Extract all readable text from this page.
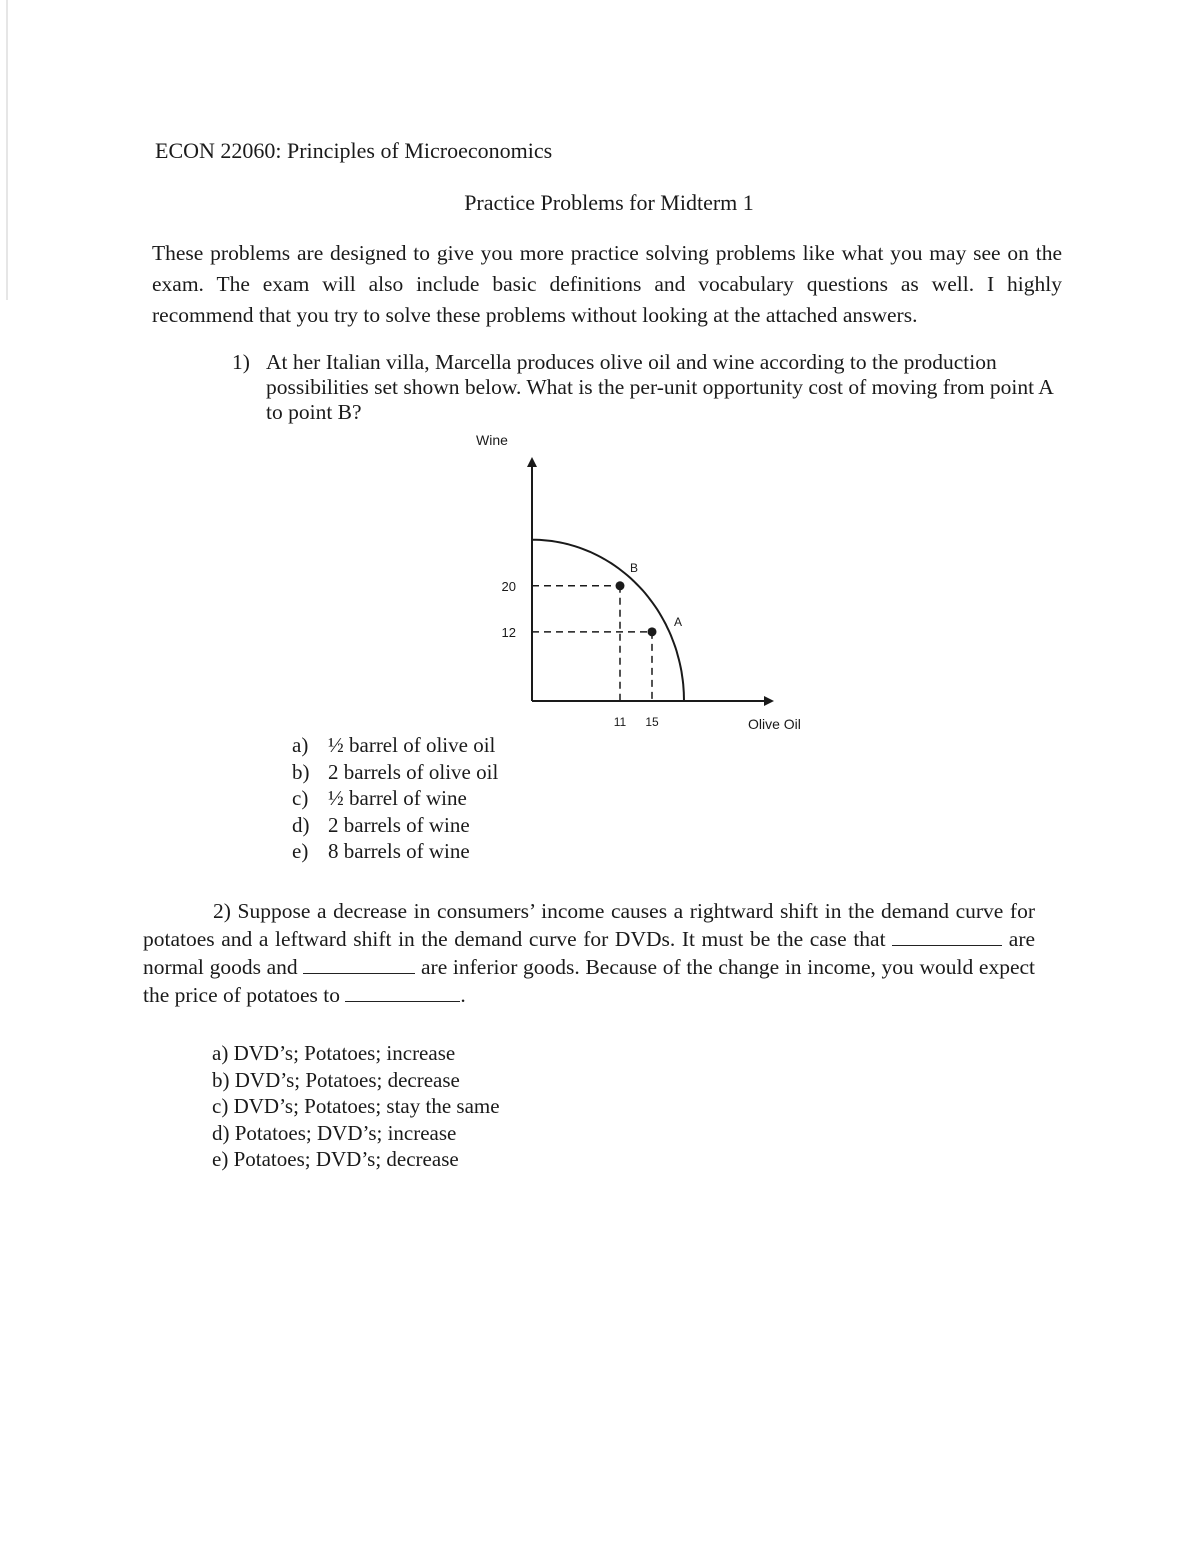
ECON 22060: Principles of Microeconomics
Practice Problems for Midterm 1
These problems are designed to give you more practice solving problems like what you may see on the exam. The exam will also include basic definitions and vocabulary questions as well. I highly recommend that you try to solve these problems without looking at the attached answers.
1) At her Italian villa, Marcella produces olive oil and wine according to the production possibilities set shown below. What is the per-unit opportunity cost of moving from point A to point B?
B
A
20
12
11 15
Wine
Olive Oil
a) ½ barrel of olive oil
b) 2 barrels of olive oil
c) ½ barrel of wine
d) 2 barrels of wine
e) 8 barrels of wine
2) Suppose a decrease in consumers’ income causes a rightward shift in the demand curve for potatoes and a leftward shift in the demand curve for DVDs. It must be the case that	are normal goods and	are inferior goods. Because of the change in income, you would expect the price of potatoes to	.
a) DVD’s; Potatoes; increase
b) DVD’s; Potatoes; decrease
c) DVD’s; Potatoes; stay the same
d) Potatoes; DVD’s; increase
e) Potatoes; DVD’s; decrease
